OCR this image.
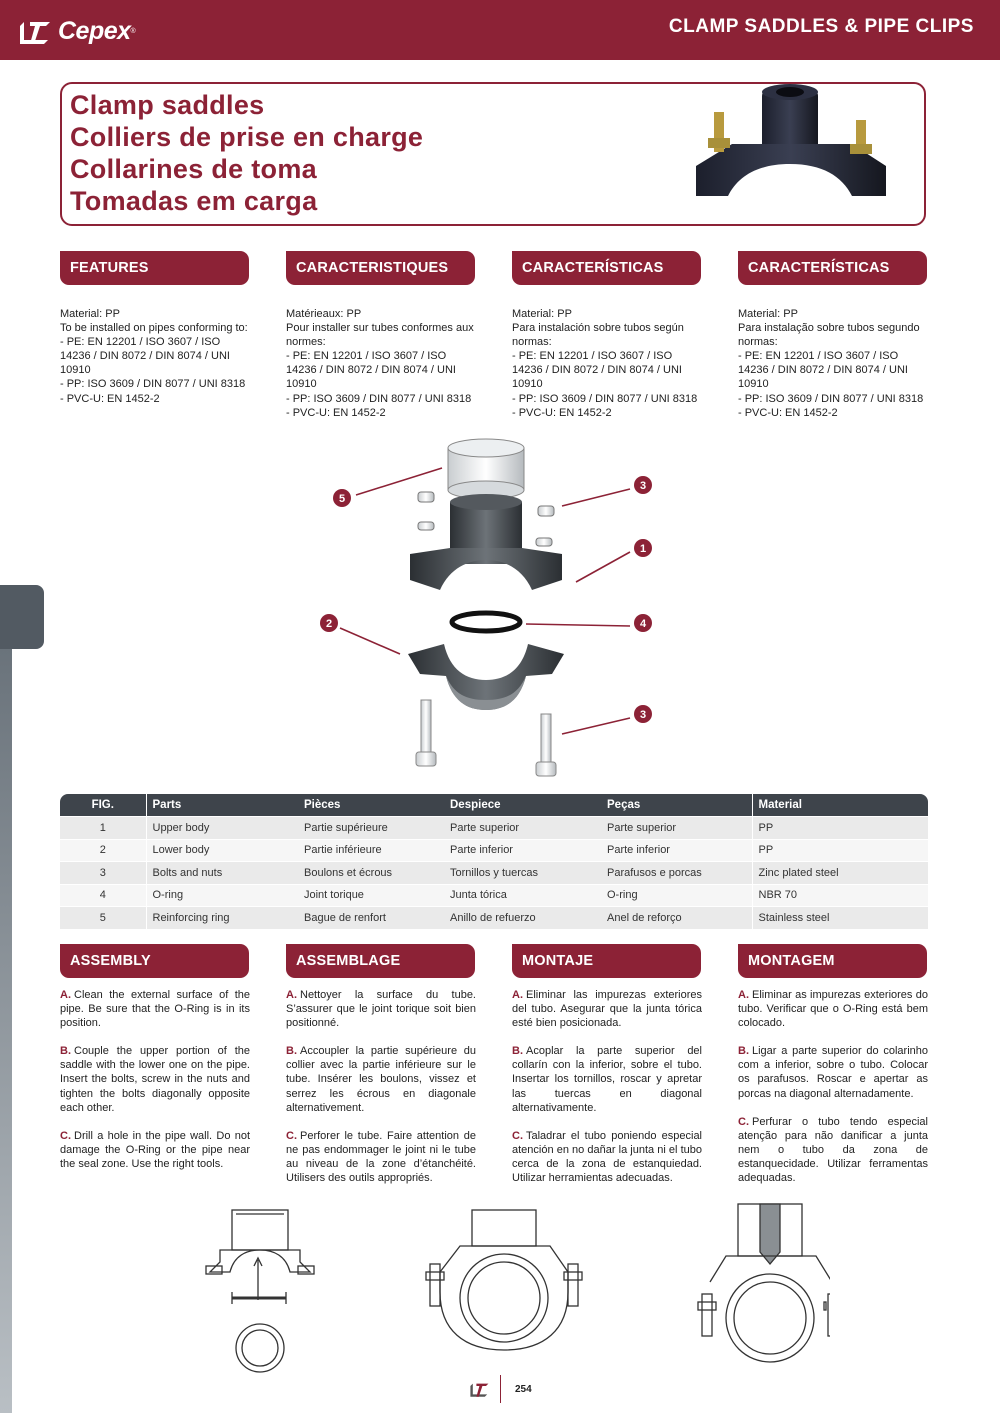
Cepex ®	CLAMP SADDLES & PIPE CLIPS
Clamp saddles
Colliers de prise en charge
Collarines de toma
Tomadas em carga
FEATURES	CARACTERISTIQUES	CARACTERÍSTICAS	CARACTERÍSTICAS
Material: PP
To be installed on pipes conforming to:
- PE: EN 12201 / ISO 3607 / ISO 14236 / DIN 8072 / DIN 8074 / UNI 10910
- PP: ISO 3609 / DIN 8077 / UNI 8318
- PVC-U: EN 1452-2
Matérieaux: PP
Pour installer sur tubes conformes aux normes:
- PE: EN 12201 / ISO 3607 / ISO 14236 / DIN 8072 / DIN 8074 / UNI 10910
- PP: ISO 3609 / DIN 8077 / UNI 8318
- PVC-U: EN 1452-2
Material: PP
Para instalación sobre tubos según normas:
- PE: EN 12201 / ISO 3607 / ISO 14236 / DIN 8072 / DIN 8074 / UNI 10910
- PP: ISO 3609 / DIN 8077 / UNI 8318
- PVC-U: EN 1452-2
Material: PP
Para instalação sobre tubos segundo normas:
- PE: EN 12201 / ISO 3607 / ISO 14236 / DIN 8072 / DIN 8074 / UNI 10910
- PP: ISO 3609 / DIN 8077 / UNI 8318
- PVC-U: EN 1452-2
5
3
1
2	4
3
FIG.	Parts	Pièces	Despiece	Peças	Material
1	Upper body	Partie supérieure	Parte superior	Parte superior	PP
2	Lower body	Partie inférieure	Parte inferior	Parte inferior	PP
3	Bolts and nuts	Boulons et écrous	Tornillos y tuercas	Parafusos e porcas	Zinc plated steel
4	O-ring	Joint torique	Junta tórica	O-ring	NBR 70
5	Reinforcing ring	Bague de renfort	Anillo de refuerzo	Anel de reforço	Stainless steel
ASSEMBLY	ASSEMBLAGE	MONTAJE	MONTAGEM

A. Clean the external surface of the pipe. Be sure that the O-Ring is in its position.

B. Couple the upper portion of the saddle with the lower one on the pipe. Insert the bolts, screw in the nuts and tighten the bolts diagonally opposite each other.

C. Drill a hole in the pipe wall. Do not damage the O-Ring or the pipe near the seal zone. Use the right tools.

A. Nettoyer la surface du tube. S’assurer que le joint torique soit bien positionné.

B. Accoupler la partie supérieure du collier avec la partie inférieure sur le tube. Insérer les boulons, vissez et serrez les écrous en diagonale alternativement.

C. Perforer le tube. Faire attention de ne pas endommager le joint ni le tube au niveau de la zone d’étanchéité. Utilisers des outils appropriés.

A. Eliminar las impurezas exteriores del tubo. Asegurar que la junta tórica esté bien posicionada.

B. Acoplar la parte superior del collarín con la inferior, sobre el tubo. Insertar los tornillos, roscar y apretar las tuercas en diagonal alternativamente.

C. Taladrar el tubo poniendo especial atención en no dañar la junta ni el tubo cerca de la zona de estanquiedad. Utilizar herramientas adecuadas.

A. Eliminar as impurezas exteriores do tubo. Verificar que o O-Ring está bem colocado.

B. Ligar a parte superior do colarinho com a inferior, sobre o tubo. Colocar os parafusos. Roscar e apertar as porcas na diagonal alternadamente.

C. Perfurar o tubo tendo especial atenção para não danificar a junta nem o tubo da zona de estanquecidade. Utilizar ferramentas adequadas.

254
